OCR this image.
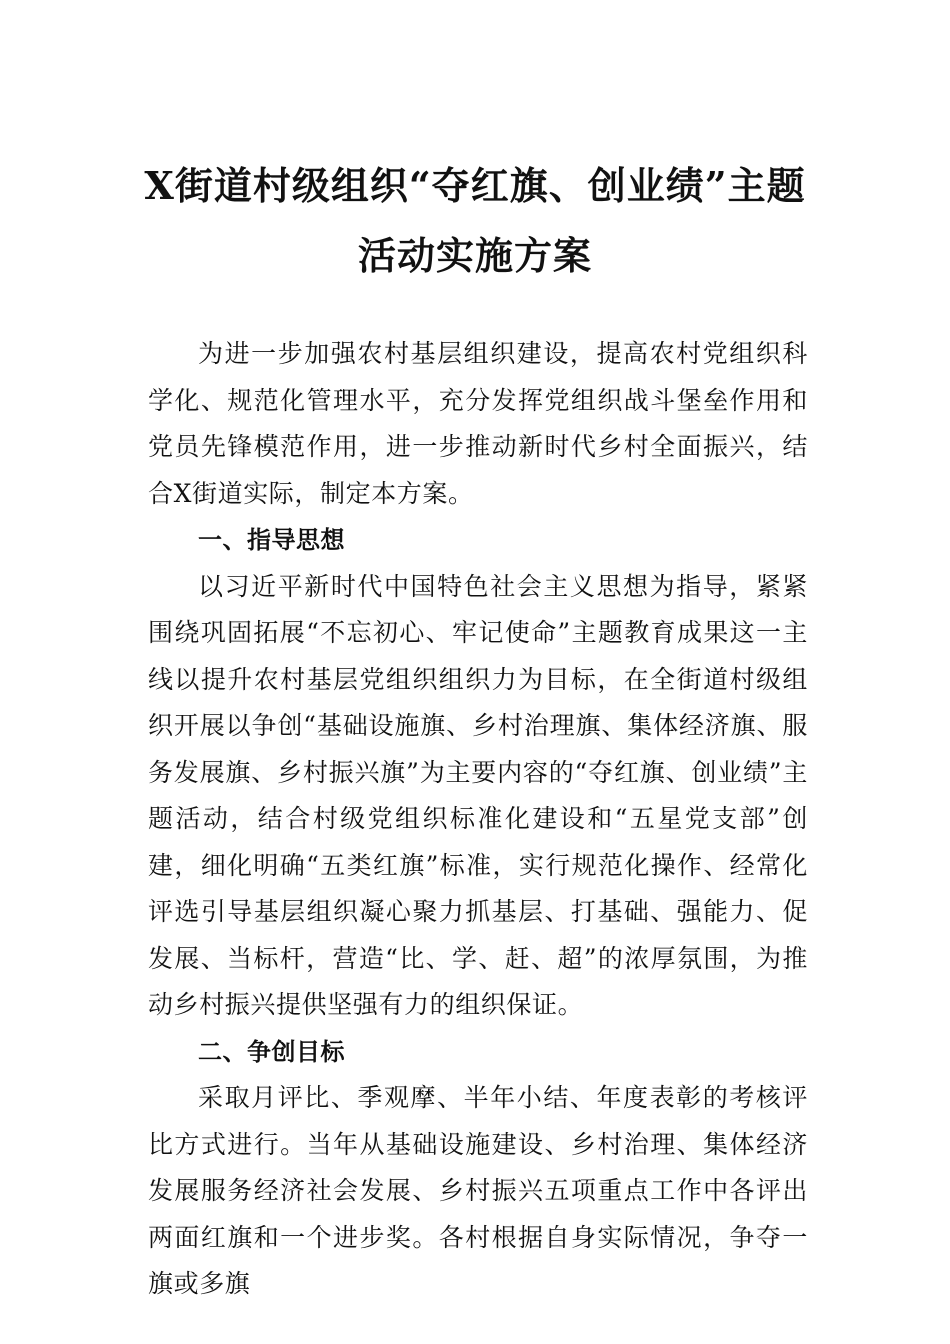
X街道村级组织“夺红旗、创业绩”主题
活动实施方案

为进一步加强农村基层组织建设，提高农村党组织科学化、规范化管理水平，充分发挥党组织战斗堡垒作用和党员先锋模范作用，进一步推动新时代乡村全面振兴，结合X街道实际，制定本方案。

一、指导思想

以习近平新时代中国特色社会主义思想为指导，紧紧围绕巩固拓展“不忘初心、牢记使命”主题教育成果这一主线以提升农村基层党组织组织力为目标，在全街道村级组织开展以争创“基础设施旗、乡村治理旗、集体经济旗、服务发展旗、乡村振兴旗”为主要内容的“夺红旗、创业绩”主题活动，结合村级党组织标准化建设和“五星党支部”创建，细化明确“五类红旗”标准，实行规范化操作、经常化评选引导基层组织凝心聚力抓基层、打基础、强能力、促发展、当标杆，营造“比、学、赶、超”的浓厚氛围，为推动乡村振兴提供坚强有力的组织保证。

二、争创目标

采取月评比、季观摩、半年小结、年度表彰的考核评比方式进行。当年从基础设施建设、乡村治理、集体经济发展服务经济社会发展、乡村振兴五项重点工作中各评出两面红旗和一个进步奖。各村根据自身实际情况，争夺一旗或多旗
